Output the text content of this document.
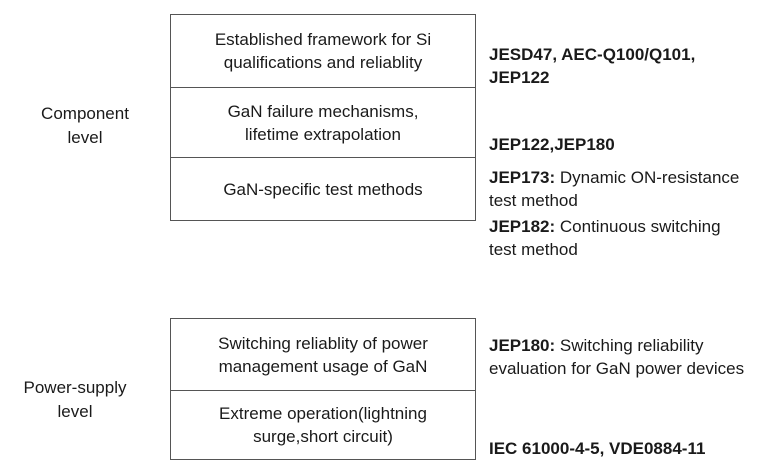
Component
level
Established framework for Si
qualifications and reliablity
GaN failure mechanisms,
lifetime extrapolation
GaN-specific test methods

JESD47, AEC-Q100/Q101,
JEP122

JEP122,JEP180

JEP173: Dynamic ON-resistance
test method
JEP182: Continuous switching
test method
Power-supply
level
Switching reliablity of power
management usage of GaN
Extreme operation(lightning
surge,short circuit)
JEP180: Switching reliability
evaluation for GaN power devices

IEC 61000-4-5, VDE0884-11
